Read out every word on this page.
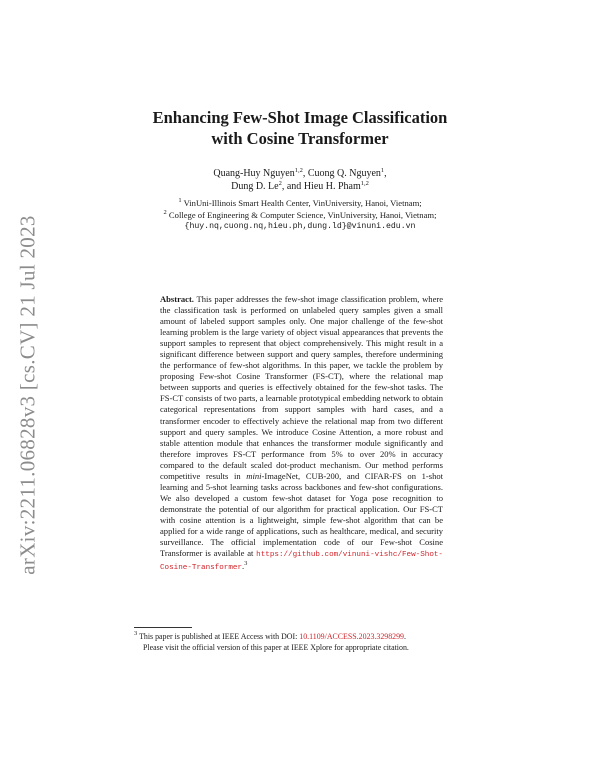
arXiv:2211.06828v3 [cs.CV] 21 Jul 2023
Enhancing Few-Shot Image Classification
with Cosine Transformer
Quang-Huy Nguyen$^{1,2}$, Cuong Q. Nguyen$^1$,
Dung D. Le$^2$, and Hieu H. Pham$^{1,2}$
$^1$ VinUni-Illinois Smart Health Center, VinUniversity, Hanoi, Vietnam;
$^2$ College of Engineering & Computer Science, VinUniversity, Hanoi, Vietnam;
{huy.nq,cuong.nq,hieu.ph,dung.ld}@vinuni.edu.vn

Abstract. This paper addresses the few-shot image classification problem, where the classification task is performed on unlabeled query samples given a small amount of labeled support samples only. One major challenge of the few-shot learning problem is the large variety of object visual appearances that prevents the support samples to represent that object comprehensively. This might result in a significant difference between support and query samples, therefore undermining the performance of few-shot algorithms. In this paper, we tackle the problem by proposing Few-shot Cosine Transformer (FS-CT), where the relational map between supports and queries is effectively obtained for the few-shot tasks. The FS-CT consists of two parts, a learnable prototypical embedding network to obtain categorical representations from support samples with hard cases, and a transformer encoder to effectively achieve the relational map from two different support and query samples. We introduce Cosine Attention, a more robust and stable attention module that enhances the transformer module significantly and therefore improves FS-CT performance from 5% to over 20% in accuracy compared to the default scaled dot-product mechanism. Our method performs competitive results in mini-ImageNet, CUB-200, and CIFAR-FS on 1-shot learning and 5-shot learning tasks across backbones and few-shot configurations. We also developed a custom few-shot dataset for Yoga pose recognition to demonstrate the potential of our algorithm for practical application. Our FS-CT with cosine attention is a lightweight, simple few-shot algorithm that can be applied for a wide range of applications, such as healthcare, medical, and security surveillance. The official implementation code of our Few-shot Cosine Transformer is available at https://github.com/vinuni-vishc/Few-Shot-Cosine-Transformer.$^3$

$^3$ This paper is published at IEEE Access with DOI: 10.1109/ACCESS.2023.3298299.
Please visit the official version of this paper at IEEE Xplore for appropriate citation.
